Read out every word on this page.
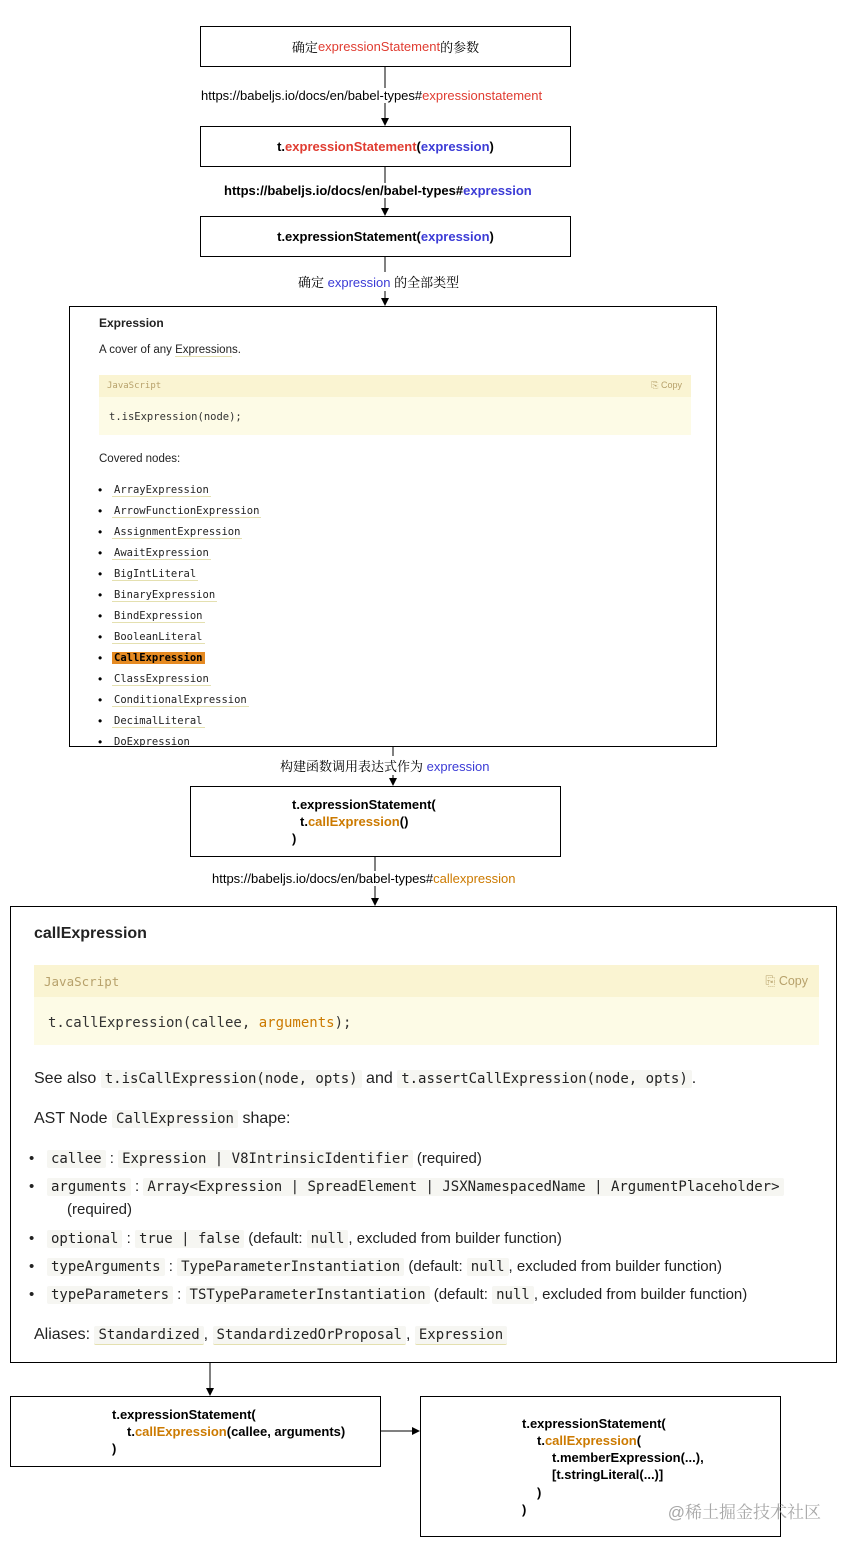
确定 expressionStatement 的参数
https://babeljs.io/docs/en/babel-types#expressionstatement
t. expressionStatement ( expression )
https://babeljs.io/docs/en/babel-types#expression
t.expressionStatement( expression )
确定 expression 的全部类型
Expression
A cover of any Expressions.
JavaScript	⎘ Copy
t.isExpression(node);
Covered nodes:
• ArrayExpression
• ArrowFunctionExpression
• AssignmentExpression
• AwaitExpression
• BigIntLiteral
• BinaryExpression
• BindExpression
• BooleanLiteral
• CallExpression
• ClassExpression
• ConditionalExpression
• DecimalLiteral
• DoExpression
构建函数调用表达式作为 expression
t.expressionStatement(
t.callExpression()
)
https://babeljs.io/docs/en/babel-types#callexpression
callExpression
JavaScript	⎘ Copy
t.callExpression(callee, arguments);
See also t.isCallExpression(node, opts) and t.assertCallExpression(node, opts) .
AST Node CallExpression shape:
• callee : Expression | V8IntrinsicIdentifier (required)
• arguments : Array<Expression | SpreadElement | JSXNamespacedName | ArgumentPlaceholder>
(required)
• optional : true | false (default: null , excluded from builder function)
• typeArguments : TypeParameterInstantiation (default: null , excluded from builder function)
• typeParameters : TSTypeParameterInstantiation (default: null , excluded from builder function)
Aliases: Standardized , StandardizedOrProposal , Expression
t.expressionStatement(
t.callExpression(callee, arguments)
)
t.expressionStatement(
t.callExpression(
t.memberExpression(...),
[t.stringLiteral(...)]
)
)	@稀土掘金技术社区
